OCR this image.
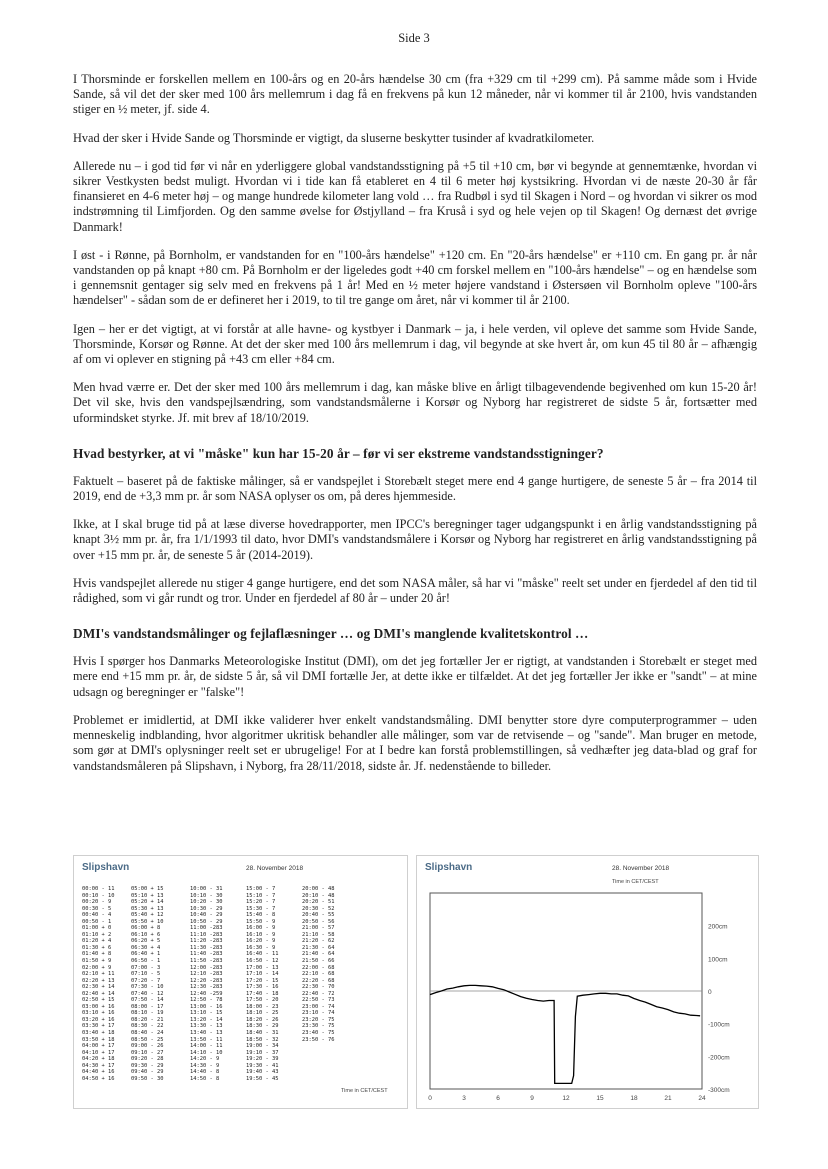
Side 3

I Thorsminde er forskellen mellem en 100-års og en 20-års hændelse 30 cm (fra +329 cm til +299 cm). På samme måde som i Hvide Sande, så vil det der sker med 100 års mellemrum i dag få en frekvens på kun 12 måneder, når vi kommer til år 2100, hvis vandstanden stiger en ½ meter, jf. side 4.

Hvad der sker i Hvide Sande og Thorsminde er vigtigt, da sluserne beskytter tusinder af kvadratkilometer.

Allerede nu – i god tid før vi når en yderliggere global vandstandsstigning på +5 til +10 cm, bør vi begynde at gennemtænke, hvordan vi sikrer Vestkysten bedst muligt. Hvordan vi i tide kan få etableret en 4 til 6 meter høj kystsikring. Hvordan vi de næste 20-30 år får finansieret en 4-6 meter høj – og mange hundrede kilometer lang vold … fra Rudbøl i syd til Skagen i Nord – og hvordan vi sikrer os mod indstrømning til Limfjorden. Og den samme øvelse for Østjylland – fra Kruså i syd og hele vejen op til Skagen! Og dernæst det øvrige Danmark!

I øst - i Rønne, på Bornholm, er vandstanden for en "100-års hændelse" +120 cm. En "20-års hændelse" er +110 cm. En gang pr. år når vandstanden op på knapt +80 cm. På Bornholm er der ligeledes godt +40 cm forskel mellem en "100-års hændelse" – og en hændelse som i gennemsnit gentager sig selv med en frekvens på 1 år! Med en ½ meter højere vandstand i Østersøen vil Bornholm opleve "100-års hændelser" - sådan som de er defineret her i 2019, to til tre gange om året, når vi kommer til år 2100.

Igen – her er det vigtigt, at vi forstår at alle havne- og kystbyer i Danmark – ja, i hele verden, vil opleve det samme som Hvide Sande, Thorsminde, Korsør og Rønne. At det der sker med 100 års mellemrum i dag, vil begynde at ske hvert år, om kun 45 til 80 år – afhængig af om vi oplever en stigning på +43 cm eller +84 cm.

Men hvad værre er. Det der sker med 100 års mellemrum i dag, kan måske blive en årligt tilbagevendende begivenhed om kun 15-20 år! Det vil ske, hvis den vandspejlsændring, som vandstandsmålerne i Korsør og Nyborg har registreret de sidste 5 år, fortsætter med uformindsket styrke. Jf. mit brev af 18/10/2019.

Hvad bestyrker, at vi "måske" kun har 15-20 år – før vi ser ekstreme vandstandsstigninger?

Faktuelt – baseret på de faktiske målinger, så er vandspejlet i Storebælt steget mere end 4 gange hurtigere, de seneste 5 år – fra 2014 til 2019, end de +3,3 mm pr. år som NASA oplyser os om, på deres hjemmeside.

Ikke, at I skal bruge tid på at læse diverse hovedrapporter, men IPCC's beregninger tager udgangspunkt i en årlig vandstandsstigning på knapt 3½ mm pr. år, fra 1/1/1993 til dato, hvor DMI's vandstandsmålere i Korsør og Nyborg har registreret en årlig vandstandsstigning på over +15 mm pr. år, de seneste 5 år (2014-2019).

Hvis vandspejlet allerede nu stiger 4 gange hurtigere, end det som NASA måler, så har vi "måske" reelt set under en fjerdedel af den tid til rådighed, som vi går rundt og tror. Under en fjerdedel af 80 år – under 20 år!

DMI's vandstandsmålinger og fejlaflæsninger … og DMI's manglende kvalitetskontrol …

Hvis I spørger hos Danmarks Meteorologiske Institut (DMI), om det jeg fortæller Jer er rigtigt, at vandstanden i Storebælt er steget med mere end +15 mm pr. år, de sidste 5 år, så vil DMI fortælle Jer, at dette ikke er tilfældet. At det jeg fortæller Jer ikke er "sandt" – at mine udsagn og beregninger er "falske"!

Problemet er imidlertid, at DMI ikke validerer hver enkelt vandstandsmåling. DMI benytter store dyre computerprogrammer – uden menneskelig indblanding, hvor algoritmer ukritisk behandler alle målinger, som var de retvisende – og "sande". Man bruger en metode, som gør at DMI's oplysninger reelt set er ubrugelige! For at I bedre kan forstå problemstillingen, så vedhæfter jeg data-blad og graf for vandstandsmåleren på Slipshavn, i Nyborg, fra 28/11/2018, sidste år. Jf. nedenstående to billeder.

Slipshavn	28. November 2018
00:00 - 11
00:10 - 10
00:20 - 9
00:30 - 5
00:40 - 4
00:50 - 1
01:00 + 0
01:10 + 2
01:20 + 4
01:30 + 6
01:40 + 8
01:50 + 9
02:00 + 9
02:10 + 11
02:20 + 13
02:30 + 14
02:40 + 14
02:50 + 15
03:00 + 16
03:10 + 16
03:20 + 16
03:30 + 17
03:40 + 18
03:50 + 18
04:00 + 17
04:10 + 17
04:20 + 18
04:30 + 17
04:40 + 16
04:50 + 16
05:00 + 15
05:10 + 13
05:20 + 14
05:30 + 13
05:40 + 12
05:50 + 10
06:00 + 8
06:10 + 6
06:20 + 5
06:30 + 4
06:40 + 1
06:50 - 1
07:00 - 3
07:10 - 5
07:20 - 7
07:30 - 10
07:40 - 12
07:50 - 14
08:00 - 17
08:10 - 19
08:20 - 21
08:30 - 22
08:40 - 24
08:50 - 25
09:00 - 26
09:10 - 27
09:20 - 28
09:30 - 29
09:40 - 29
09:50 - 30
10:00 - 31
10:10 - 30
10:20 - 30
10:30 - 29
10:40 - 29
10:50 - 29
11:00 -283
11:10 -283
11:20 -283
11:30 -283
11:40 -283
11:50 -283
12:00 -283
12:10 -283
12:20 -283
12:30 -283
12:40 -259
12:50 - 78
13:00 - 16
13:10 - 15
13:20 - 14
13:30 - 13
13:40 - 13
13:50 - 11
14:00 - 11
14:10 - 10
14:20 - 9
14:30 - 9
14:40 - 8
14:50 - 8
15:00 - 7
15:10 - 7
15:20 - 7
15:30 - 7
15:40 - 8
15:50 - 9
16:00 - 9
16:10 - 9
16:20 - 9
16:30 - 9
16:40 - 11
16:50 - 12
17:00 - 13
17:10 - 14
17:20 - 15
17:30 - 16
17:40 - 18
17:50 - 20
18:00 - 23
18:10 - 25
18:20 - 26
18:30 - 29
18:40 - 31
18:50 - 32
19:00 - 34
19:10 - 37
19:20 - 39
19:30 - 41
19:40 - 43
19:50 - 45
20:00 - 48
20:10 - 48
20:20 - 51
20:30 - 52
20:40 - 55
20:50 - 56
21:00 - 57
21:10 - 58
21:20 - 62
21:30 - 64
21:40 - 64
21:50 - 66
22:00 - 68
22:10 - 68
22:20 - 68
22:30 - 70
22:40 - 72
22:50 - 73
23:00 - 74
23:10 - 74
23:20 - 75
23:30 - 75
23:40 - 75
23:50 - 76
Time in CET/CEST
Slipshavn	28. November 2018
Time in CET/CEST
200cm
100cm
0
-100cm
-200cm
-300cm
0	3	6	9	12	15	18	21	24
